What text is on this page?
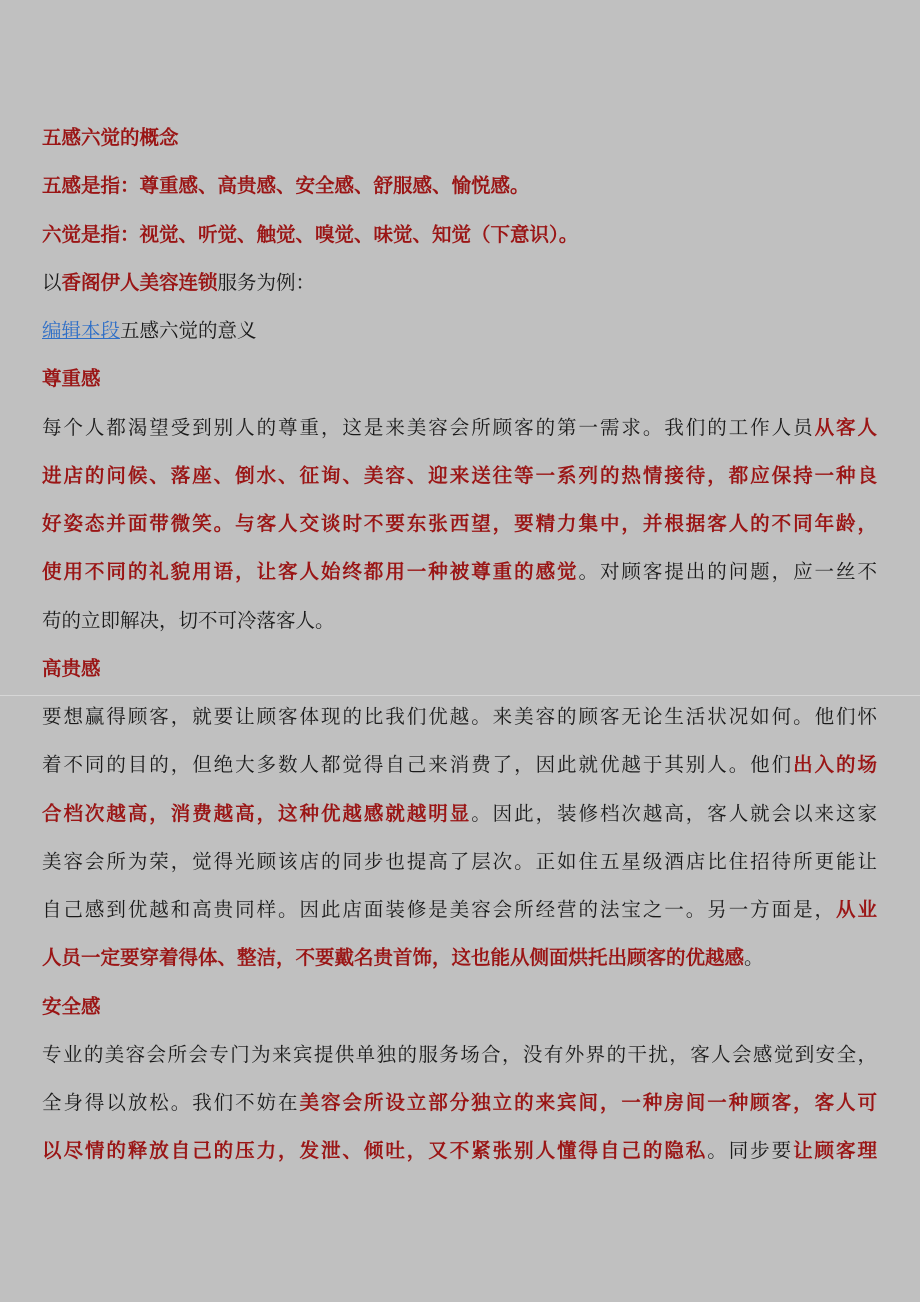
五感六觉的概念
五感是指：尊重感、高贵感、安全感、舒服感、愉悦感。
六觉是指：视觉、听觉、触觉、嗅觉、味觉、知觉（下意识）。
以香阁伊人美容连锁服务为例：
编辑本段五感六觉的意义
尊重感
每个人都渴望受到别人的尊重，这是来美容会所顾客的第一需求。我们的工作人员从客人
进店的问候、落座、倒水、征询、美容、迎来送往等一系列的热情接待，都应保持一种良
好姿态并面带微笑。与客人交谈时不要东张西望，要精力集中，并根据客人的不同年龄，
使用不同的礼貌用语，让客人始终都用一种被尊重的感觉。对顾客提出的问题，应一丝不
苟的立即解决，切不可冷落客人。
高贵感
要想赢得顾客，就要让顾客体现的比我们优越。来美容的顾客无论生活状况如何。他们怀
着不同的目的，但绝大多数人都觉得自己来消费了，因此就优越于其别人。他们出入的场
合档次越高，消费越高，这种优越感就越明显。因此，装修档次越高，客人就会以来这家
美容会所为荣，觉得光顾该店的同步也提高了层次。正如住五星级酒店比住招待所更能让
自己感到优越和高贵同样。因此店面装修是美容会所经营的法宝之一。另一方面是，从业
人员一定要穿着得体、整洁，不要戴名贵首饰，这也能从侧面烘托出顾客的优越感。
安全感
专业的美容会所会专门为来宾提供单独的服务场合，没有外界的干扰，客人会感觉到安全，
全身得以放松。我们不妨在美容会所设立部分独立的来宾间，一种房间一种顾客，客人可
以尽情的释放自己的压力，发泄、倾吐，又不紧张别人懂得自己的隐私。同步要让顾客理
